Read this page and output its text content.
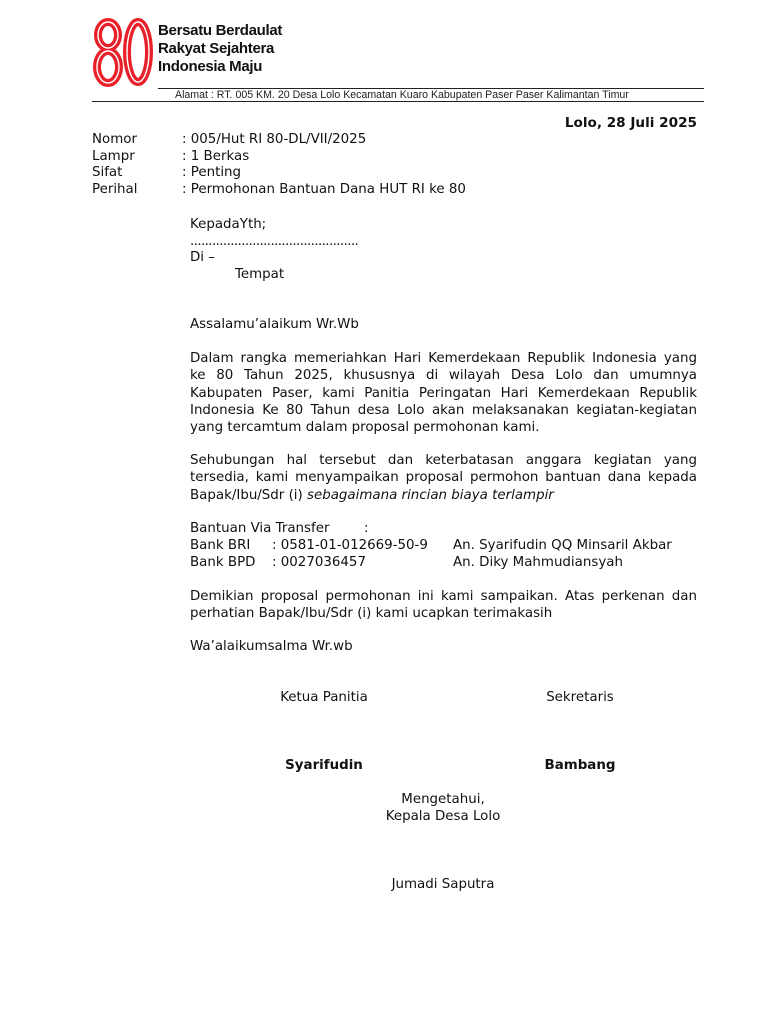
Bersatu Berdaulat
Rakyat Sejahtera
Indonesia Maju
Alamat : RT. 005 KM. 20 Desa Lolo Kecamatan Kuaro Kabupaten Paser Paser Kalimantan Timur
Lolo, 28 Juli 2025
Nomor	: 005/Hut RI 80-DL/VII/2025
Lampr	: 1 Berkas
Sifat	: Penting
Perihal	: Permohonan Bantuan Dana HUT RI ke 80
KepadaYth;
..............................................
Di –
Tempat
Assalamu’alaikum Wr.Wb
Dalam rangka memeriahkan Hari Kemerdekaan Republik Indonesia yang ke 80 Tahun 2025, khususnya di wilayah Desa Lolo dan umumnya Kabupaten Paser, kami Panitia Peringatan Hari Kemerdekaan Republik Indonesia Ke 80 Tahun desa Lolo akan melaksanakan kegiatan-kegiatan yang tercamtum dalam proposal permohonan kami.
Sehubungan hal tersebut dan keterbatasan anggara kegiatan yang tersedia, kami menyampaikan proposal permohon bantuan dana kepada Bapak/Ibu/Sdr (i) sebagaimana rincian biaya terlampir
Bantuan Via Transfer	:
Bank BRI : 0581-01-012669-50-9 An. Syarifudin QQ Minsaril Akbar
Bank BPD : 0027036457	An. Diky Mahmudiansyah
Demikian proposal permohonan ini kami sampaikan. Atas perkenan dan perhatian Bapak/Ibu/Sdr (i) kami ucapkan terimakasih
Wa’alaikumsalma Wr.wb
Ketua Panitia	Sekretaris
Syarifudin	Bambang
Mengetahui,
Kepala Desa Lolo
Jumadi Saputra
